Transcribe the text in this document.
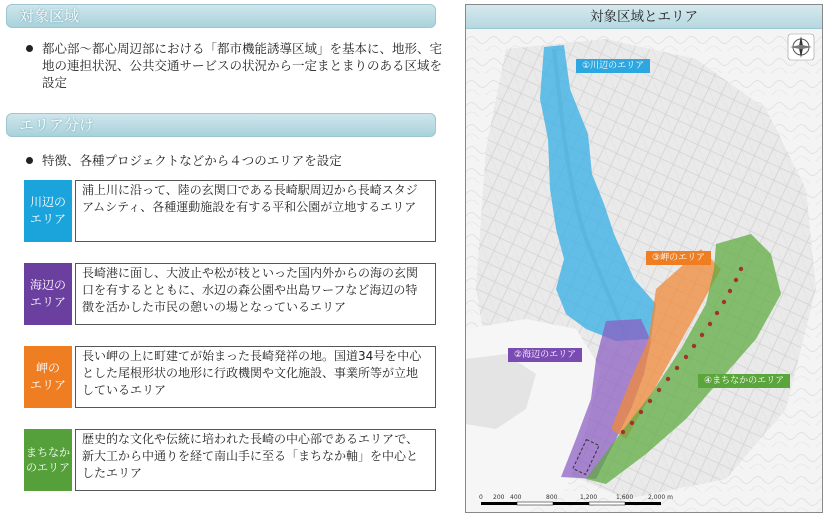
対象区域
都心部～都心周辺部における「都市機能誘導区域」を基本に、地形、宅地の連担状況、公共交通サービスの状況から一定まとまりのある区域を設定
エリア分け
特徴、各種プロジェクトなどから４つのエリアを設定
川辺の
エリア
浦上川に沿って、陸の玄関口である長崎駅周辺から長崎スタジアムシティ、各種運動施設を有する平和公園が立地するエリア
海辺の
エリア
長崎港に面し、大波止や松が枝といった国内外からの海の玄関口を有するとともに、水辺の森公園や出島ワーフなど海辺の特徴を活かした市民の憩いの場となっているエリア
岬の
エリア
長い岬の上に町建てが始まった長崎発祥の地。国道34号を中心とした尾根形状の地形に行政機関や文化施設、事業所等が立地しているエリア
まちなか
のエリア
歴史的な文化や伝統に培われた長崎の中心部であるエリアで、新大工から中通りを経て南山手に至る「まちなか軸」を中心としたエリア
対象区域とエリア
①川辺のエリア
②海辺のエリア
③岬のエリア
④まちなかのエリア
0 200 400	800	1,200	1,600 2,000 m
